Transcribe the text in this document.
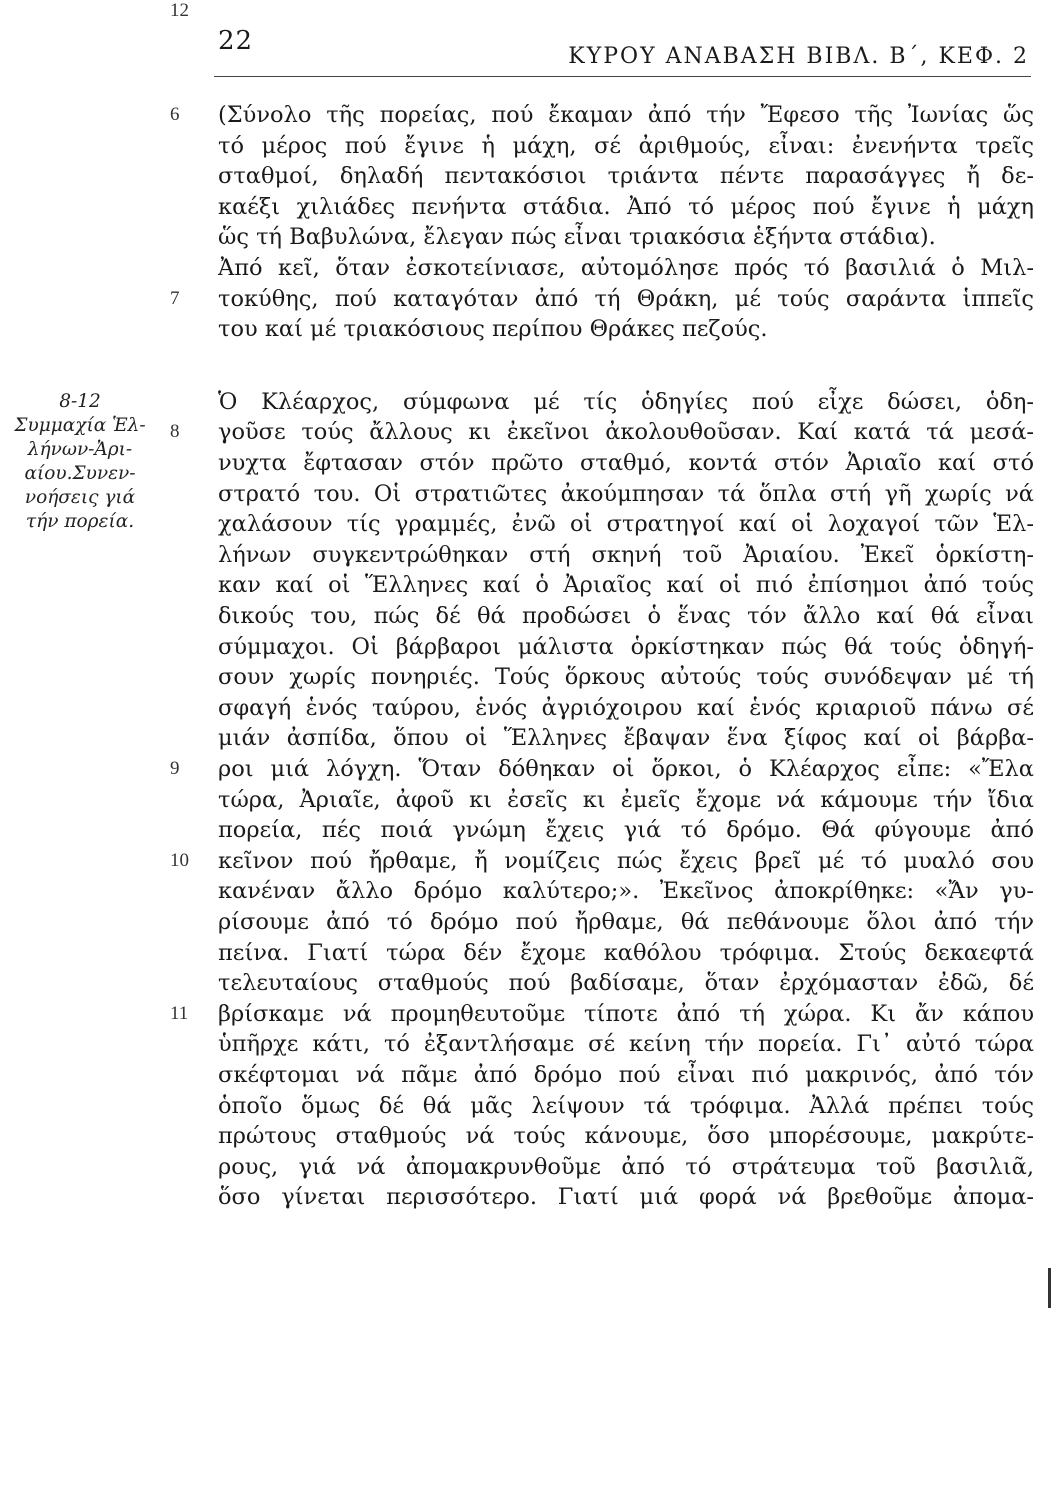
22
ΚΥΡΟΥ ΑΝΑΒΑΣΗ ΒΙΒΛ. Β΄, ΚΕΦ. 2
8-12
Συμμαχία Ἑλ-
λήνων-Ἀρι-
αίου.Συνεν-
νοήσεις γιά
τήν πορεία.
(Σύνολο τῆς πορείας, πού ἔκαμαν ἀπό τήν Ἔφεσο τῆς Ἰωνίας ὥς
τό μέρος πού ἔγινε ἡ μάχη, σέ ἀριθμούς, εἶναι: ἐνενήντα τρεῖς
σταθμοί, δηλαδή πεντακόσιοι τριάντα πέντε παρασάγγες ἤ δε-
καέξι χιλιάδες πενήντα στάδια. Ἀπό τό μέρος πού ἔγινε ἡ μάχη
ὥς τή Βαβυλώνα, ἔλεγαν πώς εἶναι τριακόσια ἑξήντα στάδια).
Ἀπό κεῖ, ὅταν ἐσκοτείνιασε, αὐτομόλησε πρός τό βασιλιά ὁ Μιλ-
τοκύθης, πού καταγόταν ἀπό τή Θράκη, μέ τούς σαράντα ἱππεῖς
του καί μέ τριακόσιους περίπου Θράκες πεζούς.
Ὁ Κλέαρχος, σύμφωνα μέ τίς ὁδηγίες πού εἶχε δώσει, ὁδη-
γοῦσε τούς ἄλλους κι ἐκεῖνοι ἀκολουθοῦσαν. Καί κατά τά μεσά-
νυχτα ἔφτασαν στόν πρῶτο σταθμό, κοντά στόν Ἀριαῖο καί στό
στρατό του. Οἱ στρατιῶτες ἀκούμπησαν τά ὅπλα στή γῆ χωρίς νά
χαλάσουν τίς γραμμές, ἐνῶ οἱ στρατηγοί καί οἱ λοχαγοί τῶν Ἑλ-
λήνων συγκεντρώθηκαν στή σκηνή τοῦ Ἀριαίου. Ἐκεῖ ὁρκίστη-
καν καί οἱ Ἕλληνες καί ὁ Ἀριαῖος καί οἱ πιό ἐπίσημοι ἀπό τούς
δικούς του, πώς δέ θά προδώσει ὁ ἕνας τόν ἄλλο καί θά εἶναι
σύμμαχοι. Οἱ βάρβαροι μάλιστα ὁρκίστηκαν πώς θά τούς ὁδηγή-
σουν χωρίς πονηριές. Τούς ὅρκους αὐτούς τούς συνόδεψαν μέ τή
σφαγή ἑνός ταύρου, ἑνός ἀγριόχοιρου καί ἑνός κριαριοῦ πάνω σέ
μιάν ἀσπίδα, ὅπου οἱ Ἕλληνες ἔβαψαν ἕνα ξίφος καί οἱ βάρβα-
ροι μιά λόγχη. Ὅταν δόθηκαν οἱ ὅρκοι, ὁ Κλέαρχος εἶπε: «Ἔλα
τώρα, Ἀριαῖε, ἀφοῦ κι ἐσεῖς κι ἐμεῖς ἔχομε νά κάμουμε τήν ἴδια
πορεία, πές ποιά γνώμη ἔχεις γιά τό δρόμο. Θά φύγουμε ἀπό
κεῖνον πού ἤρθαμε, ἤ νομίζεις πώς ἔχεις βρεῖ μέ τό μυαλό σου
κανέναν ἄλλο δρόμο καλύτερο;». Ἐκεῖνος ἀποκρίθηκε: «Ἄν γυ-
ρίσουμε ἀπό τό δρόμο πού ἤρθαμε, θά πεθάνουμε ὅλοι ἀπό τήν
πείνα. Γιατί τώρα δέν ἔχομε καθόλου τρόφιμα. Στούς δεκαεφτά
τελευταίους σταθμούς πού βαδίσαμε, ὅταν ἐρχόμασταν ἐδῶ, δέ
βρίσκαμε νά προμηθευτοῦμε τίποτε ἀπό τή χώρα. Κι ἄν κάπου
ὑπῆρχε κάτι, τό ἐξαντλήσαμε σέ κείνη τήν πορεία. Γι᾿ αὐτό τώρα
σκέφτομαι νά πᾶμε ἀπό δρόμο πού εἶναι πιό μακρινός, ἀπό τόν
ὁποῖο ὅμως δέ θά μᾶς λείψουν τά τρόφιμα. Ἀλλά πρέπει τούς
πρώτους σταθμούς νά τούς κάνουμε, ὅσο μπορέσουμε, μακρύτε-
ρους, γιά νά ἀπομακρυνθοῦμε ἀπό τό στράτευμα τοῦ βασιλιᾶ,
ὅσο γίνεται περισσότερο. Γιατί μιά φορά νά βρεθοῦμε ἀπομα-
6
7
8
9
10
11
12
